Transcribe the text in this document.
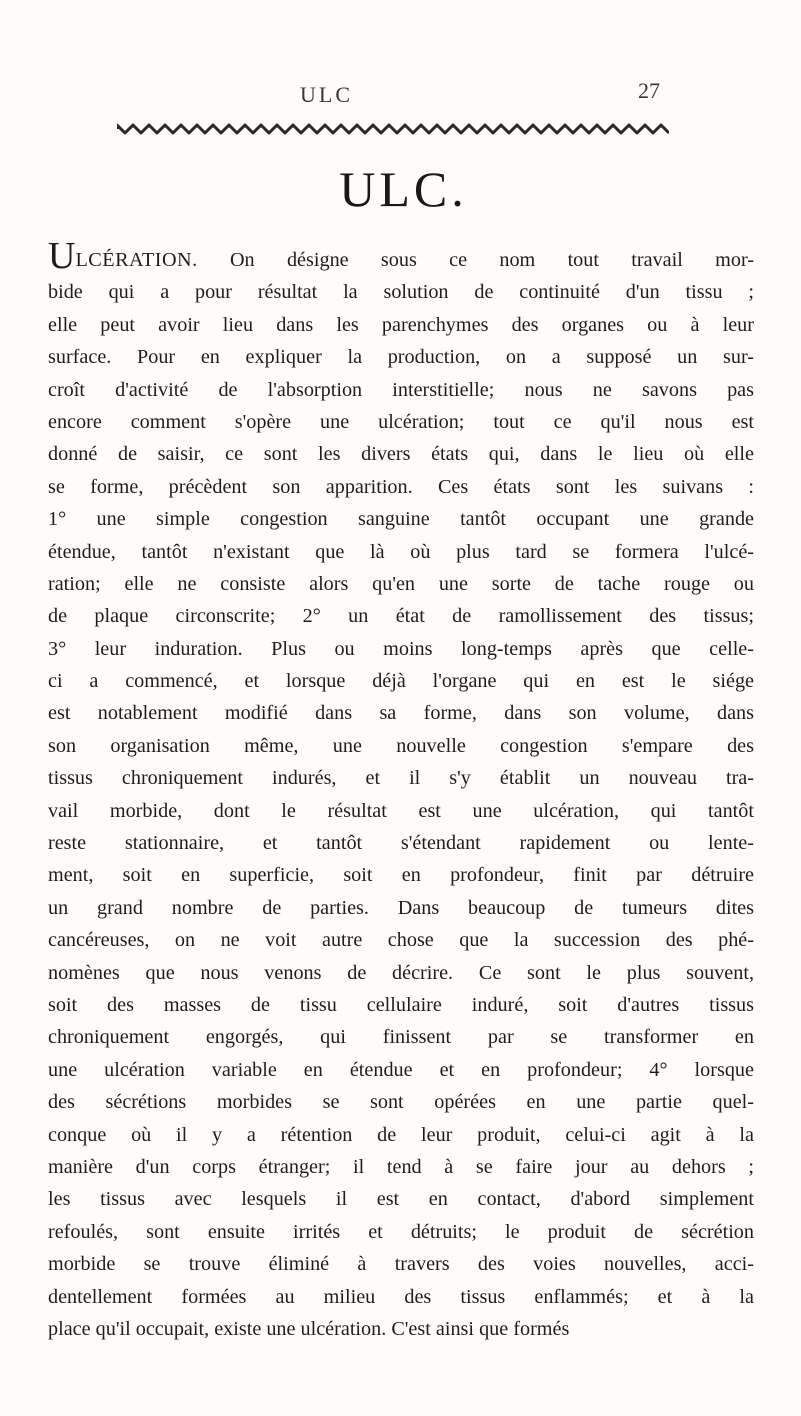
ULC	27
ULC.
ULCÉRATION. On désigne sous ce nom tout travail mor-
bide qui a pour résultat la solution de continuité d'un tissu ;
elle peut avoir lieu dans les parenchymes des organes ou à leur
surface. Pour en expliquer la production, on a supposé un sur-
croît d'activité de l'absorption interstitielle; nous ne savons pas
encore comment s'opère une ulcération; tout ce qu'il nous est
donné de saisir, ce sont les divers états qui, dans le lieu où elle
se forme, précèdent son apparition. Ces états sont les suivans :
1° une simple congestion sanguine tantôt occupant une grande
étendue, tantôt n'existant que là où plus tard se formera l'ulcé-
ration; elle ne consiste alors qu'en une sorte de tache rouge ou
de plaque circonscrite; 2° un état de ramollissement des tissus;
3° leur induration. Plus ou moins long-temps après que celle-
ci a commencé, et lorsque déjà l'organe qui en est le siége
est notablement modifié dans sa forme, dans son volume, dans
son organisation même, une nouvelle congestion s'empare des
tissus chroniquement indurés, et il s'y établit un nouveau tra-
vail morbide, dont le résultat est une ulcération, qui tantôt
reste stationnaire, et tantôt s'étendant rapidement ou lente-
ment, soit en superficie, soit en profondeur, finit par détruire
un grand nombre de parties. Dans beaucoup de tumeurs dites
cancéreuses, on ne voit autre chose que la succession des phé-
nomènes que nous venons de décrire. Ce sont le plus souvent,
soit des masses de tissu cellulaire induré, soit d'autres tissus
chroniquement engorgés, qui finissent par se transformer en
une ulcération variable en étendue et en profondeur; 4° lorsque
des sécrétions morbides se sont opérées en une partie quel-
conque où il y a rétention de leur produit, celui-ci agit à la
manière d'un corps étranger; il tend à se faire jour au dehors ;
les tissus avec lesquels il est en contact, d'abord simplement
refoulés, sont ensuite irrités et détruits; le produit de sécrétion
morbide se trouve éliminé à travers des voies nouvelles, acci-
dentellement formées au milieu des tissus enflammés; et à la
place qu'il occupait, existe une ulcération. C'est ainsi que formés
